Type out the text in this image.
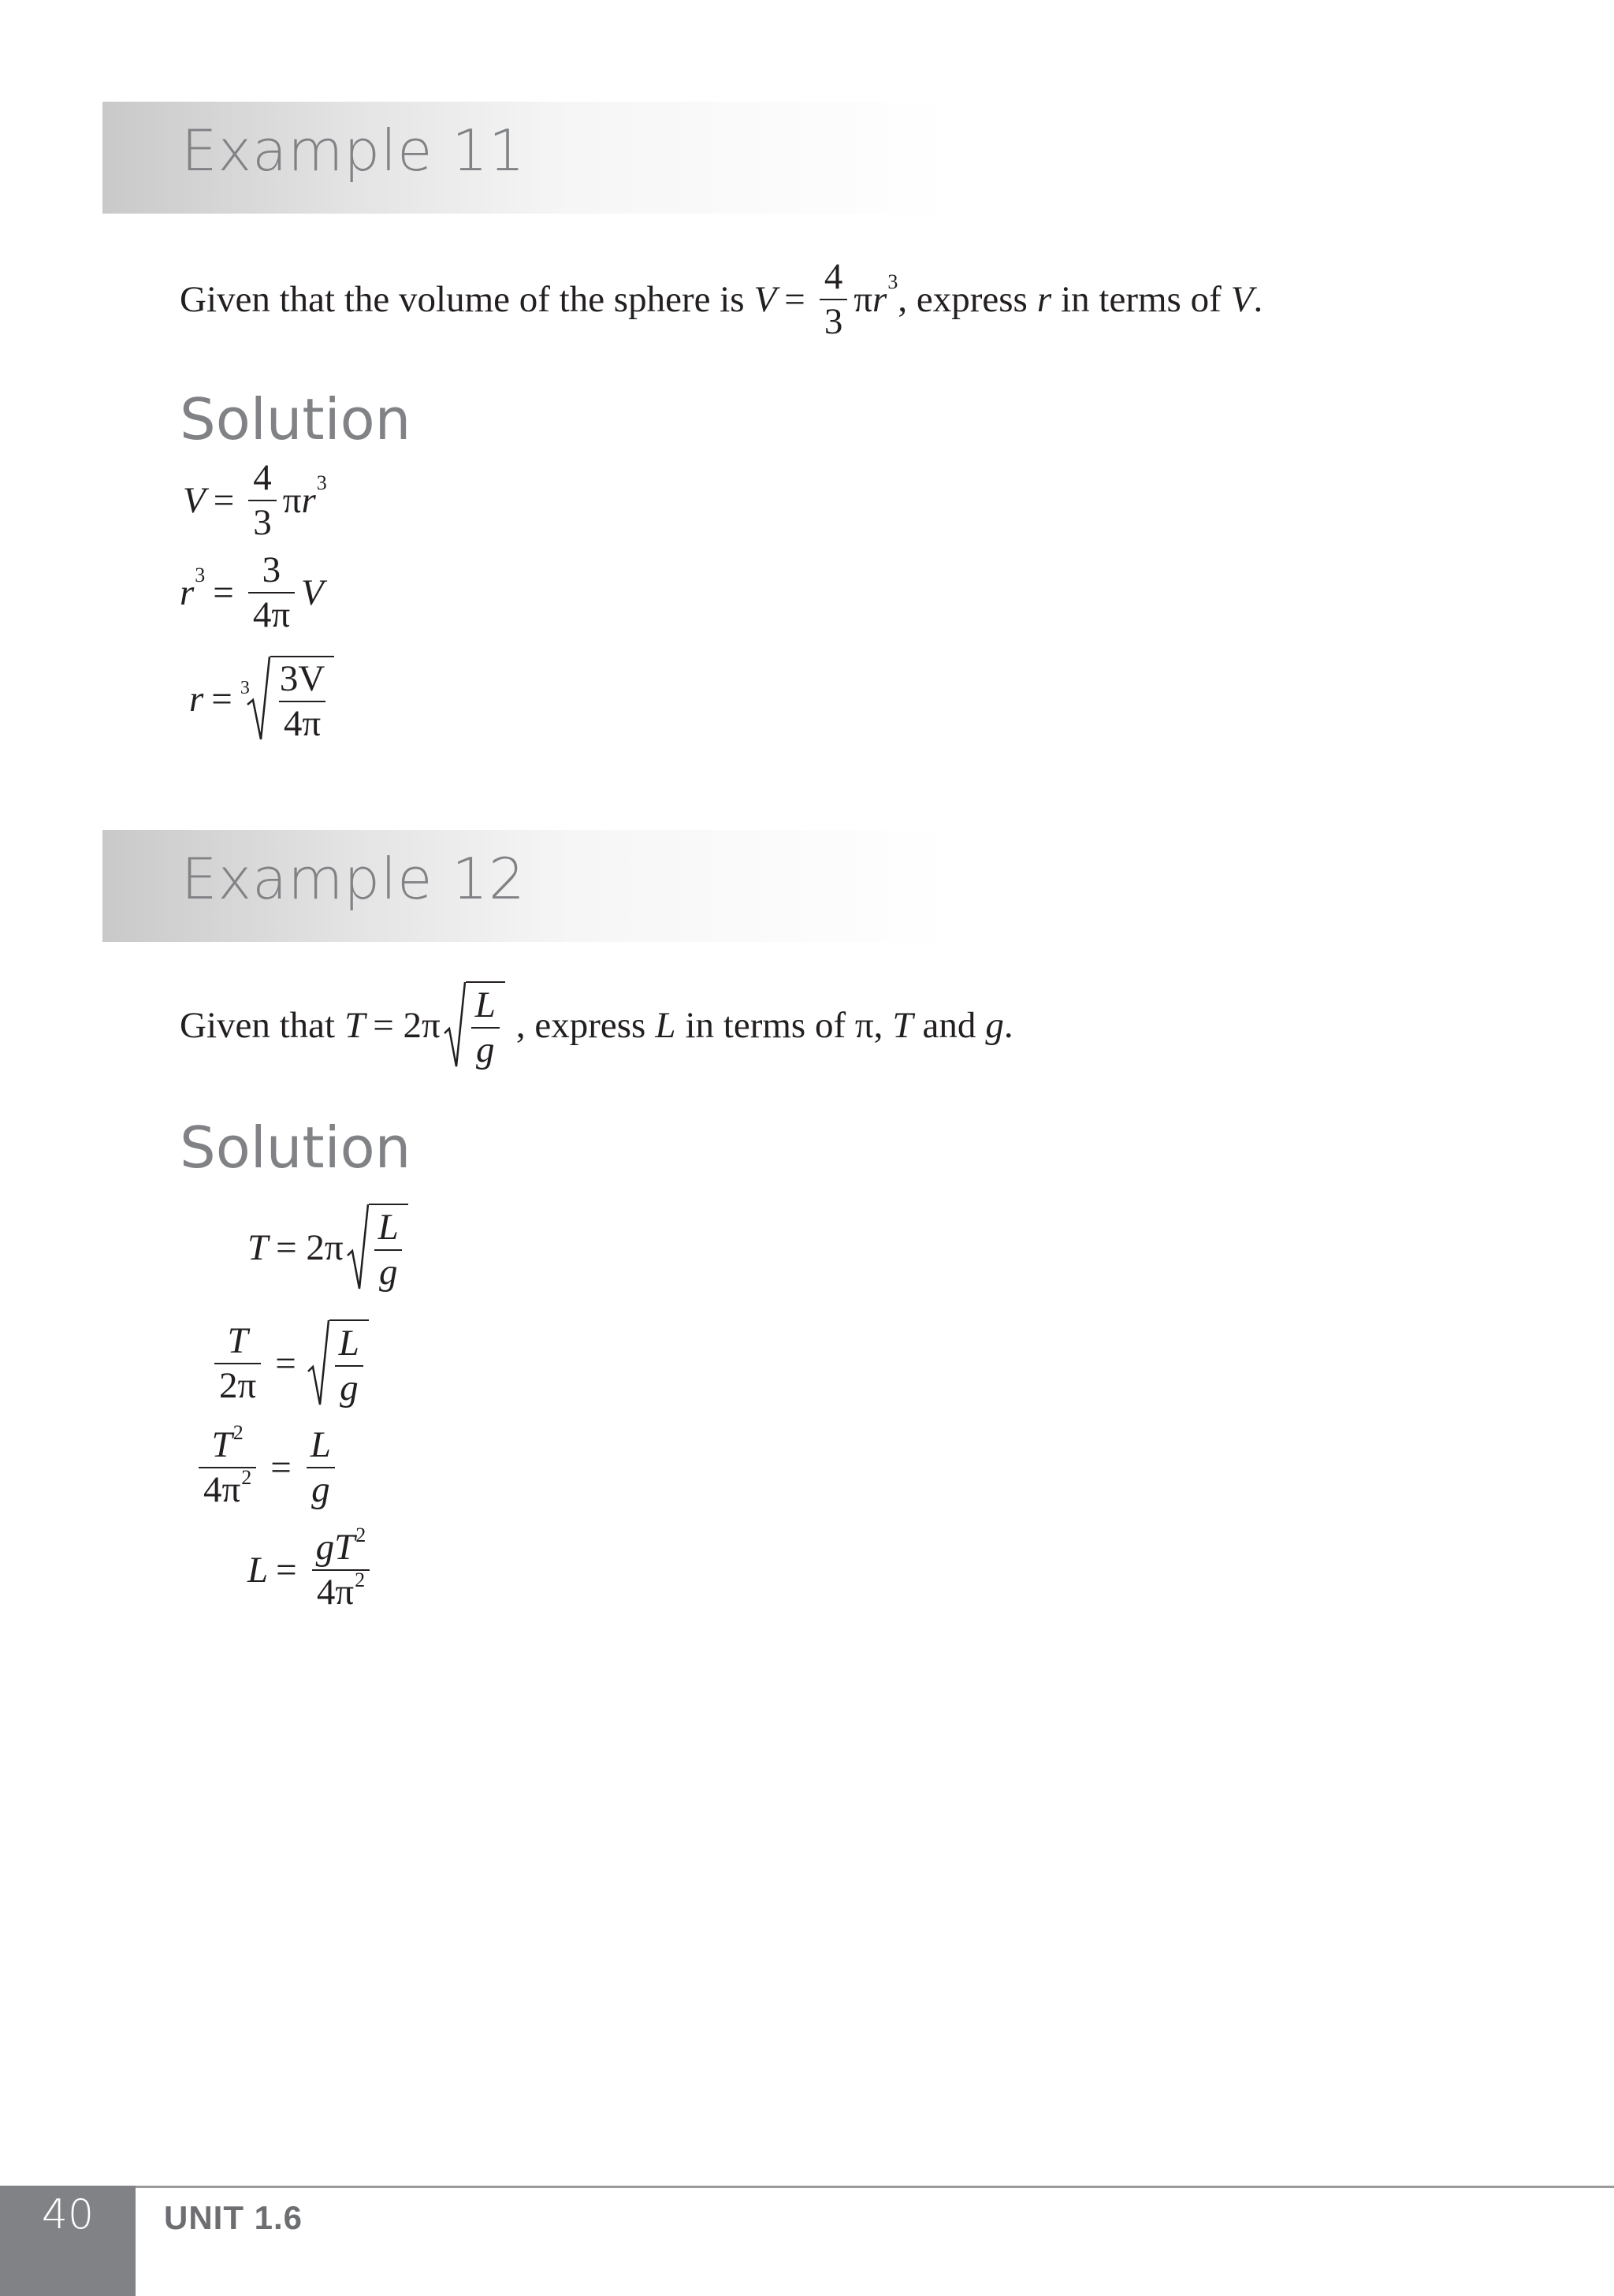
Example 11
Given that the volume of the sphere is $V = \frac{4}{3}$ π r 3 , express r in terms of V .
Solution
$V = \frac{4}{3}$ π r 3
r $3 = \frac{3}{4\pi}$ V
$r = 3 \frac{3V}{4\pi}$
Example 12
Given that $T = 2\pi \frac{L}{g}$ , express L in terms of π, T and g .
Solution
$T = 2\pi \frac{L}{g}$
$\frac{T}{2\pi} = \frac{L}{g}$
$\frac{T^2}{4\pi^2} = \frac{L}{g}$
$L = \frac{gT^2}{4\pi^2}$
40	UNIT 1.6
